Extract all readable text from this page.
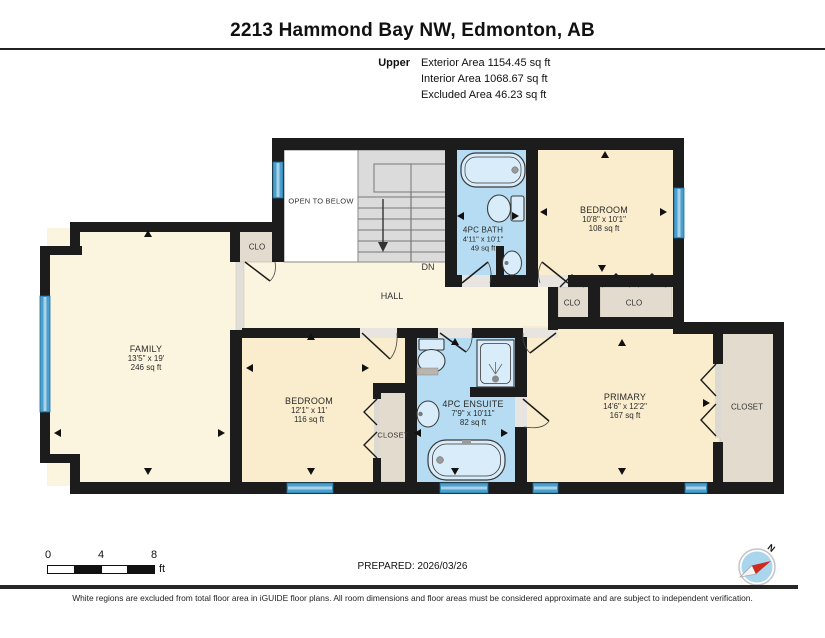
2213 Hammond Bay NW, Edmonton, AB
Upper Exterior Area 1154.45 sq ft
Interior Area 1068.67 sq ft
Excluded Area 46.23 sq ft
FAMILY
13'5" x 19'
246 sq ft
BEDROOM
10'8" x 10'1"
108 sq ft
4PC BATH
4'11" x 10'1"
49 sq ft
BEDROOM
12'1" x 11'
116 sq ft
4PC ENSUITE
7'9" x 10'11"
82 sq ft
PRIMARY
14'6" x 12'2"
167 sq ft
HALL
DN
OPEN TO BELOW
CLO
CLO	CLO
CLOSET
CLOSET
0	4	8
ft	PREPARED: 2026/03/26
N
White regions are excluded from total floor area in iGUIDE floor plans. All room dimensions and floor areas must be considered approximate and are subject to independent verification.
